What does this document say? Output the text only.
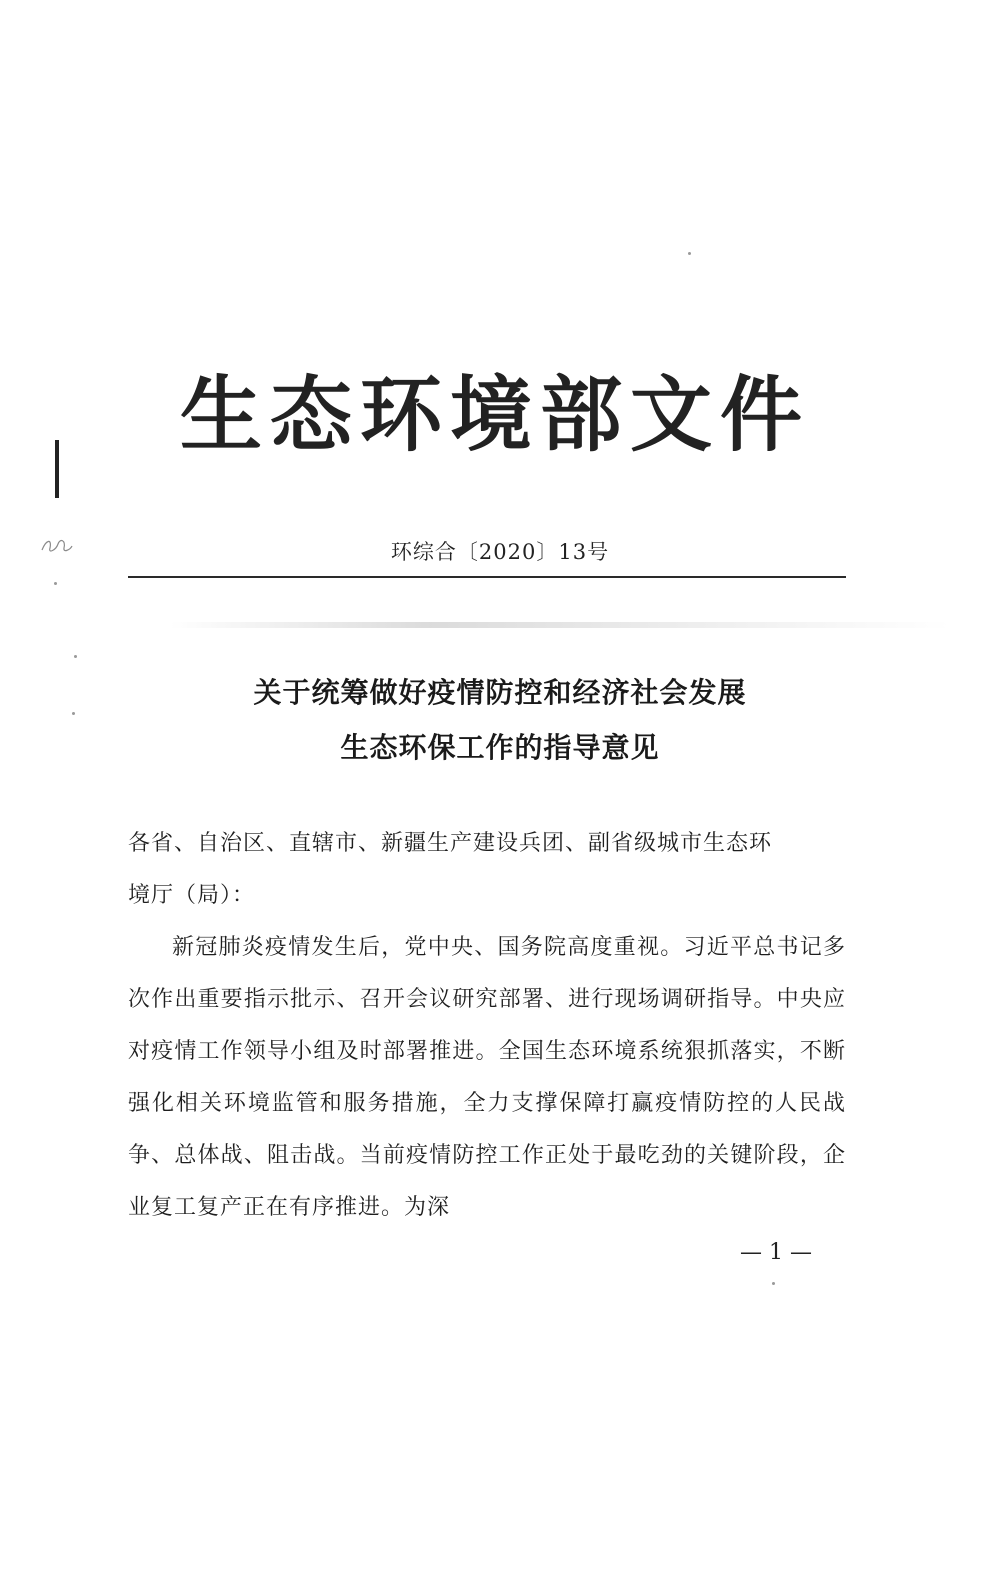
生态环境部文件
环综合〔2020〕13号
关于统筹做好疫情防控和经济社会发展
生态环保工作的指导意见

各省、自治区、直辖市、新疆生产建设兵团、副省级城市生态环

境厅（局）：

新冠肺炎疫情发生后，党中央、国务院高度重视。习近平总书记多次作出重要指示批示、召开会议研究部署、进行现场调研指导。中央应对疫情工作领导小组及时部署推进。全国生态环境系统狠抓落实，不断强化相关环境监管和服务措施，全力支撑保障打赢疫情防控的人民战争、总体战、阻击战。当前疫情防控工作正处于最吃劲的关键阶段，企业复工复产正在有序推进。为深

— 1 —
